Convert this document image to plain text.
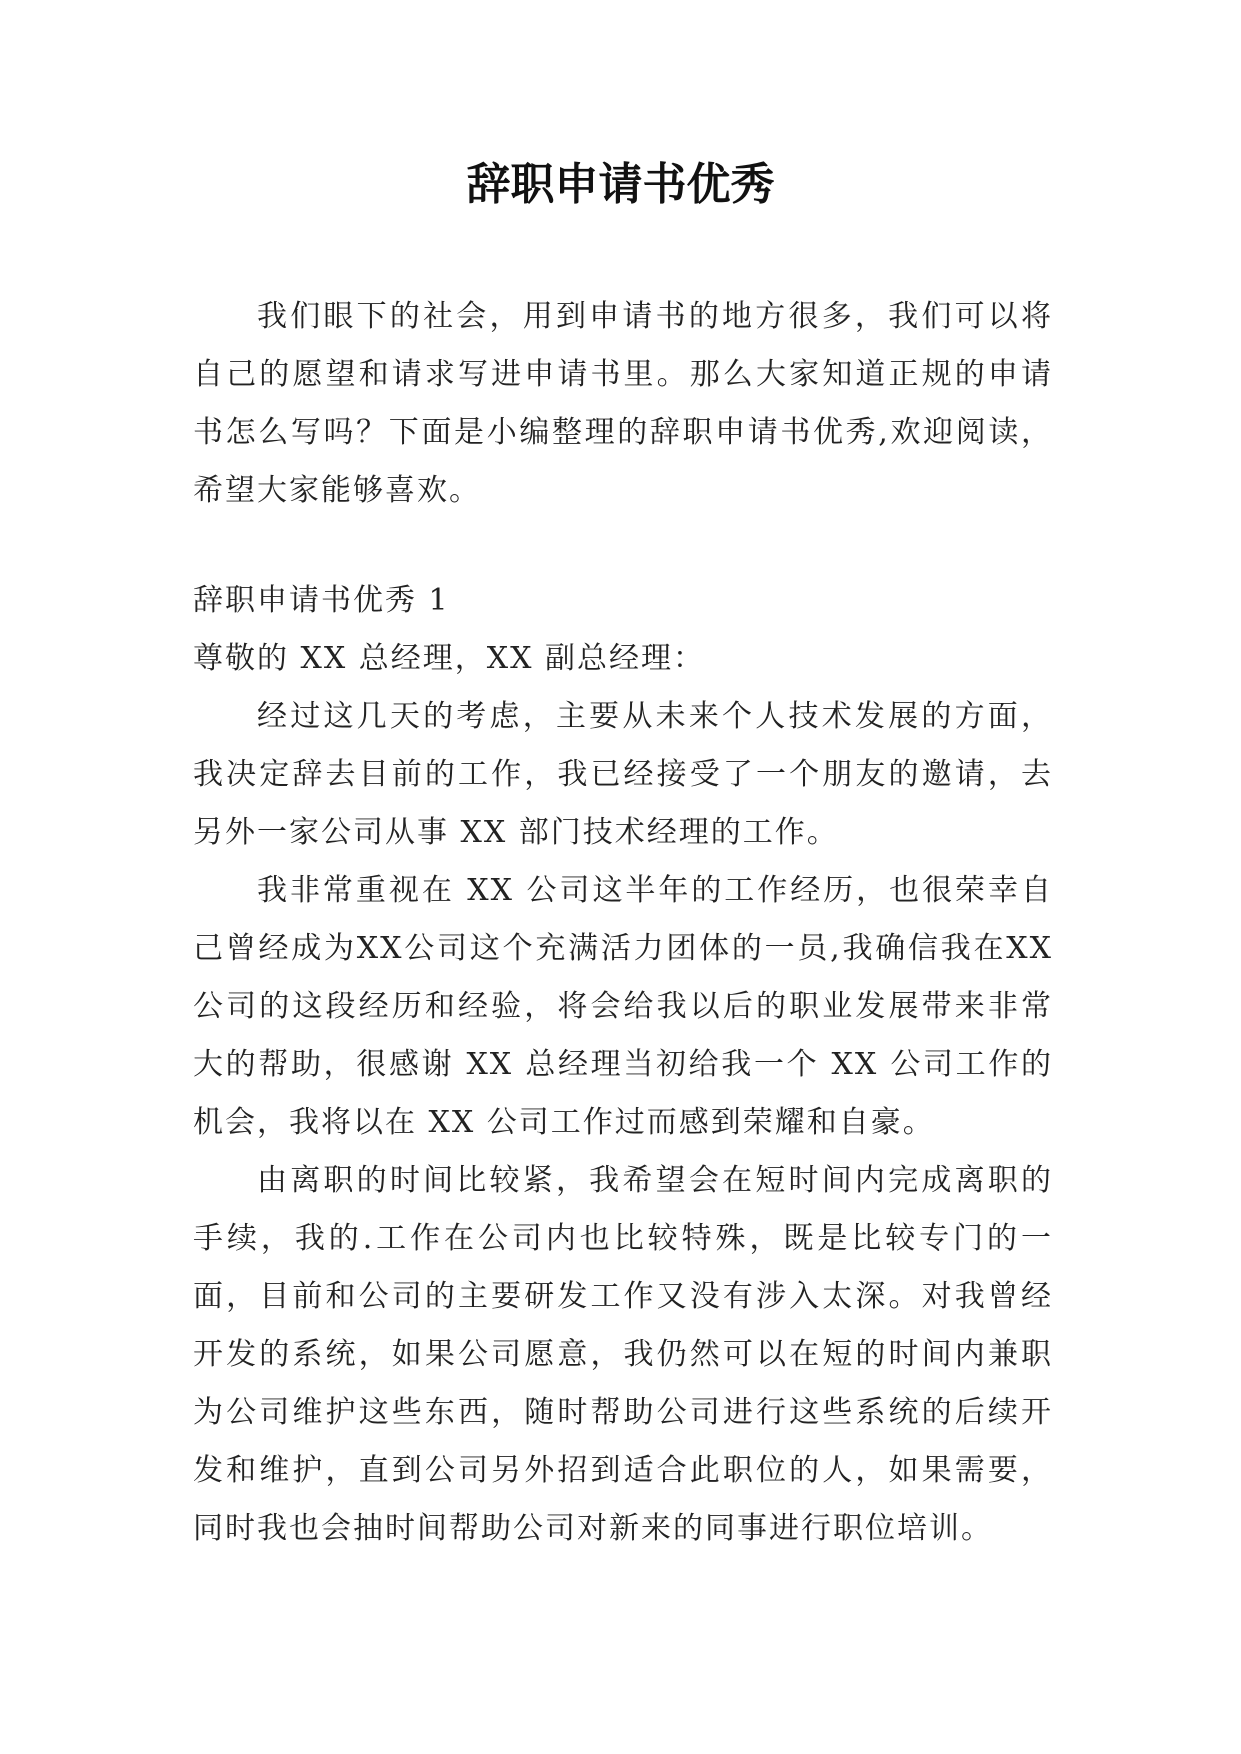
辞职申请书优秀

我们眼下的社会，用到申请书的地方很多，我们可以将自己的愿望和请求写进申请书里。那么大家知道正规的申请书怎么写吗？下面是小编整理的辞职申请书优秀,欢迎阅读，希望大家能够喜欢。

辞职申请书优秀 1

尊敬的 XX 总经理，XX 副总经理：

经过这几天的考虑，主要从未来个人技术发展的方面，我决定辞去目前的工作，我已经接受了一个朋友的邀请，去另外一家公司从事 XX 部门技术经理的工作。

我非常重视在 XX 公司这半年的工作经历，也很荣幸自己曾经成为XX公司这个充满活力团体的一员,我确信我在XX公司的这段经历和经验，将会给我以后的职业发展带来非常大的帮助，很感谢 XX 总经理当初给我一个 XX 公司工作的机会，我将以在 XX 公司工作过而感到荣耀和自豪。

由离职的时间比较紧，我希望会在短时间内完成离职的手续，我的.工作在公司内也比较特殊，既是比较专门的一面，目前和公司的主要研发工作又没有涉入太深。对我曾经开发的系统，如果公司愿意，我仍然可以在短的时间内兼职为公司维护这些东西，随时帮助公司进行这些系统的后续开发和维护，直到公司另外招到适合此职位的人，如果需要，同时我也会抽时间帮助公司对新来的同事进行职位培训。
